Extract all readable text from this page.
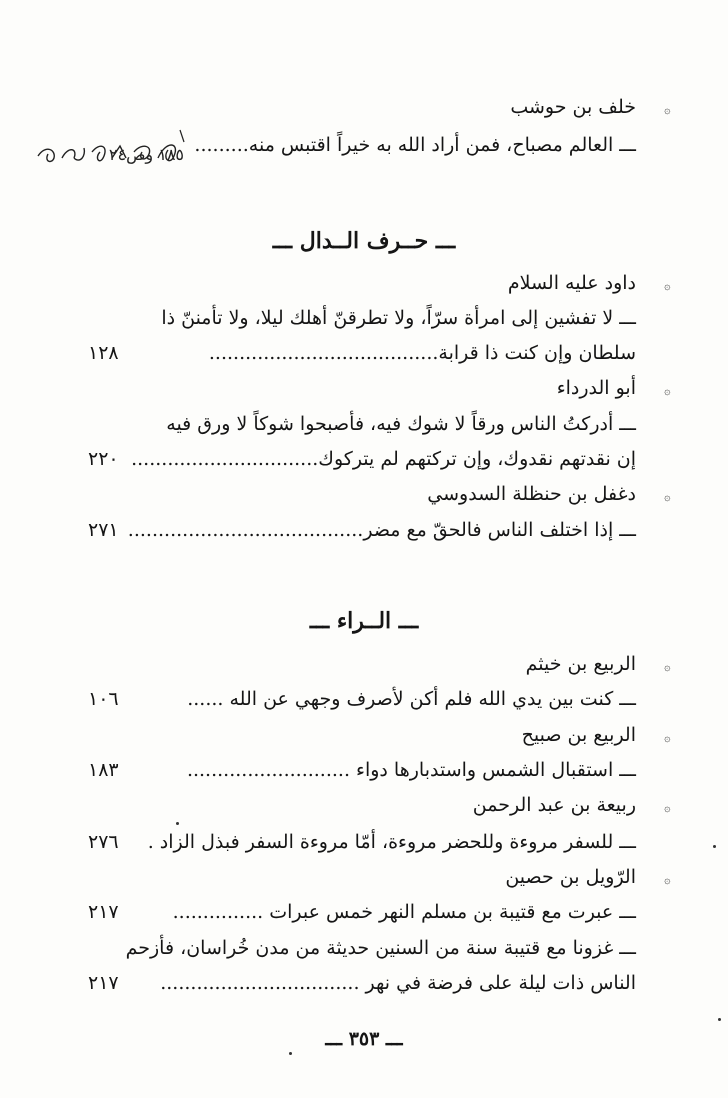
۞
خلف بن حوشب
ـــ العالم مصباح، فمن أراد الله به خيراً اقتبس منه.........
١٨٥ وص٢٤
ـــ حــرف الــدال ـــ
۞
داود عليه السلام
ـــ لا تفشين إلى امرأة سرّاً، ولا تطرقنّ أهلك ليلا، ولا تأمننّ ذا
سلطان وإن كنت ذا قرابة......................................
١٢٨
۞
أبو الدرداء
ـــ أدركتُ الناس ورقاً لا شوك فيه، فأصبحوا شوكاً لا ورق فيه
إن نقدتهم نقدوك، وإن تركتهم لم يتركوك...............................
٢٢٠
۞
دغفل بن حنظلة السدوسي
ـــ إذا اختلف الناس فالحقّ مع مضر.......................................
٢٧١
ـــ الــراء ـــ
۞
الربيع بن خيثم
ـــ كنت بين يدي الله فلم أكن لأصرف وجهي عن الله ......
١٠٦
۞
الربيع بن صبيح
ـــ استقبال الشمس واستدبارها دواء ...........................
١٨٣
۞
ربيعة بن عبد الرحمن
ـــ للسفر مروءة وللحضر مروءة، أمّا مروءة السفر فبذل الزاد .
٢٧٦
۞
الرّويل بن حصين
ـــ عبرت مع قتيبة بن مسلم النهر خمس عبرات ...............
٢١٧
ـــ غزونا مع قتيبة سنة من السنين حديثة من مدن خُراسان، فأزحم
الناس ذات ليلة على فرضة في نهر .................................
٢١٧
ـــ ٣٥٣ ـــ
